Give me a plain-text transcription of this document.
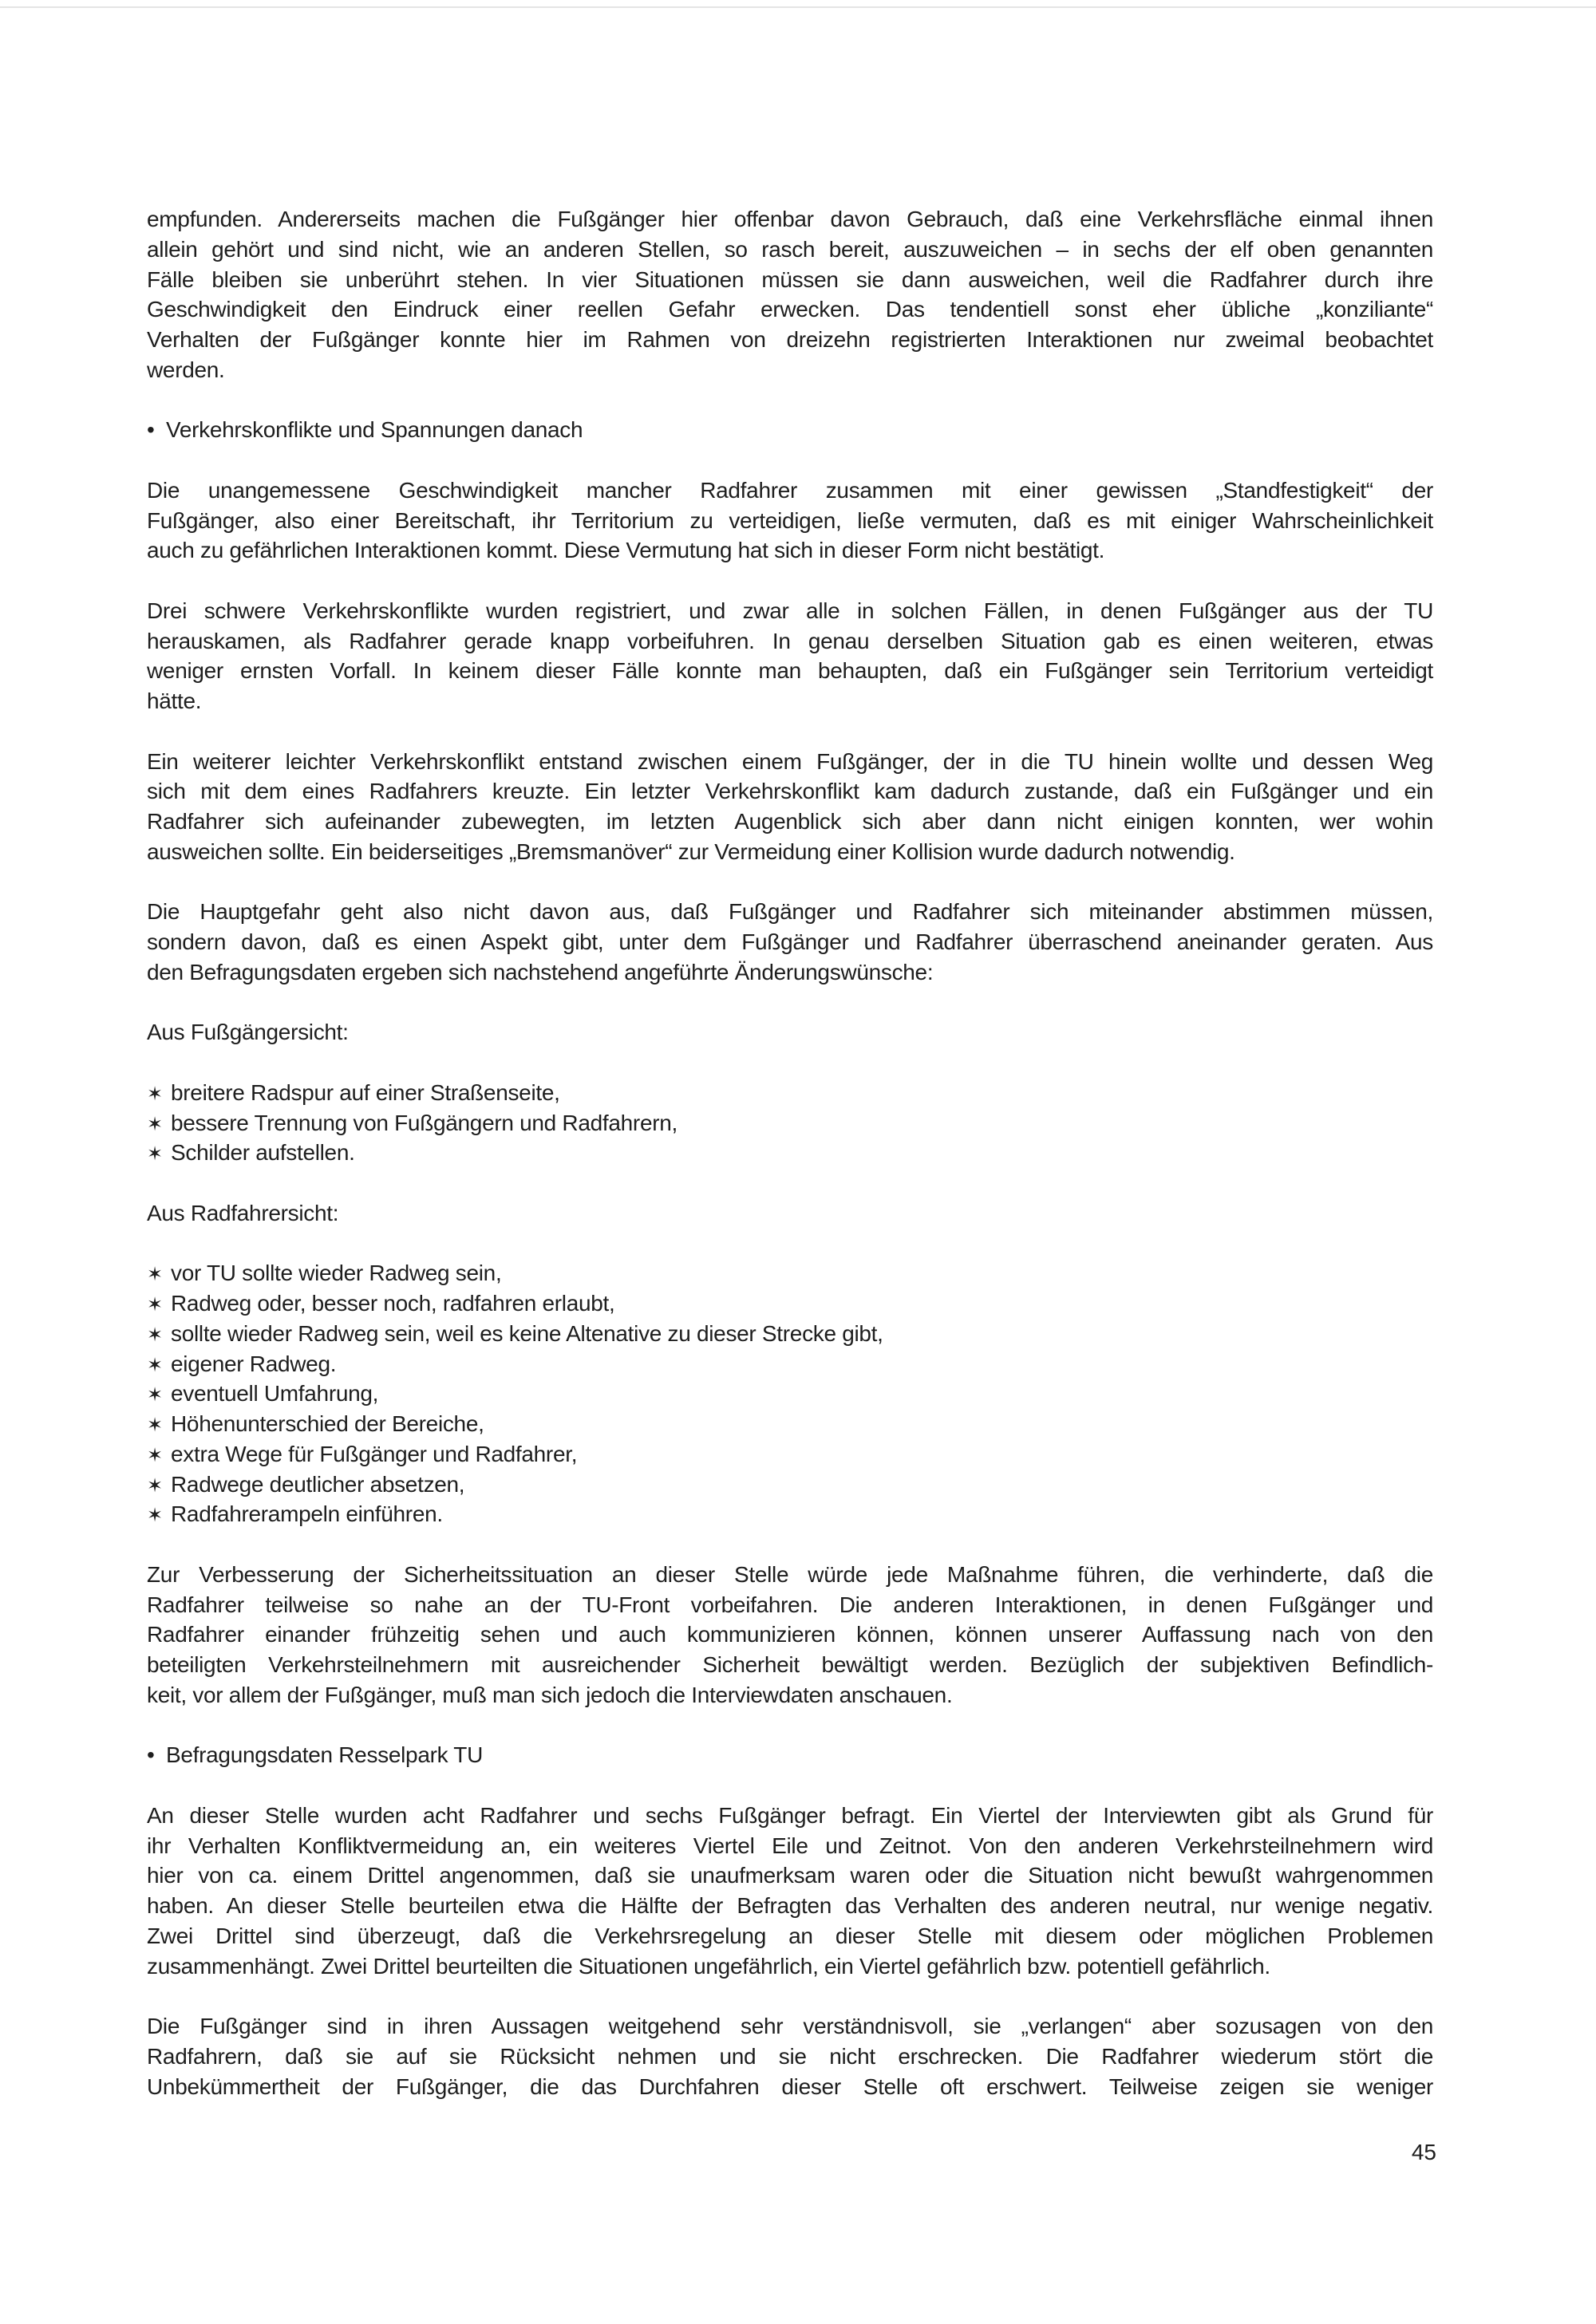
empfunden. Andererseits machen die Fußgänger hier offenbar davon Gebrauch, daß eine Verkehrsfläche einmal ihnen
allein gehört und sind nicht, wie an anderen Stellen, so rasch bereit, auszuweichen – in sechs der elf oben genannten
Fälle bleiben sie unberührt stehen. In vier Situationen müssen sie dann ausweichen, weil die Radfahrer durch ihre
Geschwindigkeit den Eindruck einer reellen Gefahr erwecken. Das tendentiell sonst eher übliche „konziliante“
Verhalten der Fußgänger konnte hier im Rahmen von dreizehn registrierten Interaktionen nur zweimal beobachtet
werden.
• Verkehrskonflikte und Spannungen danach
Die unangemessene Geschwindigkeit mancher Radfahrer zusammen mit einer gewissen „Standfestigkeit“ der
Fußgänger, also einer Bereitschaft, ihr Territorium zu verteidigen, ließe vermuten, daß es mit einiger Wahrscheinlichkeit
auch zu gefährlichen Interaktionen kommt. Diese Vermutung hat sich in dieser Form nicht bestätigt.
Drei schwere Verkehrskonflikte wurden registriert, und zwar alle in solchen Fällen, in denen Fußgänger aus der TU
herauskamen, als Radfahrer gerade knapp vorbeifuhren. In genau derselben Situation gab es einen weiteren, etwas
weniger ernsten Vorfall. In keinem dieser Fälle konnte man behaupten, daß ein Fußgänger sein Territorium verteidigt
hätte.
Ein weiterer leichter Verkehrskonflikt entstand zwischen einem Fußgänger, der in die TU hinein wollte und dessen Weg
sich mit dem eines Radfahrers kreuzte. Ein letzter Verkehrskonflikt kam dadurch zustande, daß ein Fußgänger und ein
Radfahrer sich aufeinander zubewegten, im letzten Augenblick sich aber dann nicht einigen konnten, wer wohin
ausweichen sollte. Ein beiderseitiges „Bremsmanöver“ zur Vermeidung einer Kollision wurde dadurch notwendig.
Die Hauptgefahr geht also nicht davon aus, daß Fußgänger und Radfahrer sich miteinander abstimmen müssen,
sondern davon, daß es einen Aspekt gibt, unter dem Fußgänger und Radfahrer überraschend aneinander geraten. Aus
den Befragungsdaten ergeben sich nachstehend angeführte Änderungswünsche:
Aus Fußgängersicht:
✶ breitere Radspur auf einer Straßenseite,
✶ bessere Trennung von Fußgängern und Radfahrern,
✶ Schilder aufstellen.
Aus Radfahrersicht:
✶ vor TU sollte wieder Radweg sein,
✶ Radweg oder, besser noch, radfahren erlaubt,
✶ sollte wieder Radweg sein, weil es keine Altenative zu dieser Strecke gibt,
✶ eigener Radweg.
✶ eventuell Umfahrung,
✶ Höhenunterschied der Bereiche,
✶ extra Wege für Fußgänger und Radfahrer,
✶ Radwege deutlicher absetzen,
✶ Radfahrerampeln einführen.
Zur Verbesserung der Sicherheitssituation an dieser Stelle würde jede Maßnahme führen, die verhinderte, daß die
Radfahrer teilweise so nahe an der TU-Front vorbeifahren. Die anderen Interaktionen, in denen Fußgänger und
Radfahrer einander frühzeitig sehen und auch kommunizieren können, können unserer Auffassung nach von den
beteiligten Verkehrsteilnehmern mit ausreichender Sicherheit bewältigt werden. Bezüglich der subjektiven Befindlich-
keit, vor allem der Fußgänger, muß man sich jedoch die Interviewdaten anschauen.
• Befragungsdaten Resselpark TU
An dieser Stelle wurden acht Radfahrer und sechs Fußgänger befragt. Ein Viertel der Interviewten gibt als Grund für
ihr Verhalten Konfliktvermeidung an, ein weiteres Viertel Eile und Zeitnot. Von den anderen Verkehrsteilnehmern wird
hier von ca. einem Drittel angenommen, daß sie unaufmerksam waren oder die Situation nicht bewußt wahrgenommen
haben. An dieser Stelle beurteilen etwa die Hälfte der Befragten das Verhalten des anderen neutral, nur wenige negativ.
Zwei Drittel sind überzeugt, daß die Verkehrsregelung an dieser Stelle mit diesem oder möglichen Problemen
zusammenhängt. Zwei Drittel beurteilten die Situationen ungefährlich, ein Viertel gefährlich bzw. potentiell gefährlich.
Die Fußgänger sind in ihren Aussagen weitgehend sehr verständnisvoll, sie „verlangen“ aber sozusagen von den
Radfahrern, daß sie auf sie Rücksicht nehmen und sie nicht erschrecken. Die Radfahrer wiederum stört die
Unbekümmertheit der Fußgänger, die das Durchfahren dieser Stelle oft erschwert. Teilweise zeigen sie weniger
45
